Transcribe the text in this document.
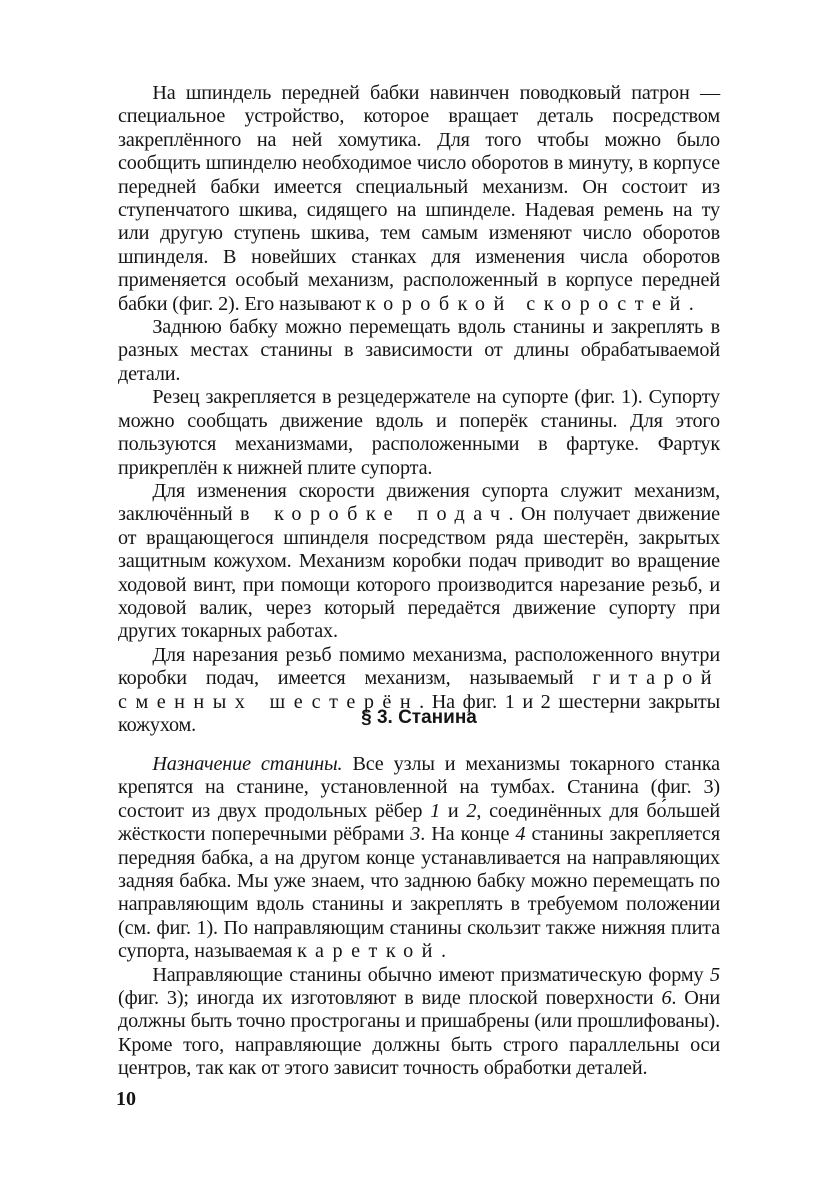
На шпиндель передней бабки навинчен поводковый патрон — специальное устройство, которое вращает деталь посредством закреплённого на ней хомутика. Для того чтобы можно было сообщить шпинделю необходимое число оборотов в минуту, в корпусе передней бабки имеется специальный механизм. Он состоит из ступенчатого шкива, сидящего на шпинделе. Надевая ремень на ту или другую ступень шкива, тем самым изменяют число оборотов шпинделя. В новейших станках для изменения числа оборотов применяется особый механизм, расположенный в корпусе передней бабки (фиг. 2). Его называют коробкой скоростей.

Заднюю бабку можно перемещать вдоль станины и закреплять в разных местах станины в зависимости от длины обрабатываемой детали.

Резец закрепляется в резцедержателе на супорте (фиг. 1). Супорту можно сообщать движение вдоль и поперёк станины. Для этого пользуются механизмами, расположенными в фартуке. Фартук прикреплён к нижней плите супорта.

Для изменения скорости движения супорта служит механизм, заключённый в коробке подач. Он получает движение от вращающегося шпинделя посредством ряда шестерён, закрытых защитным кожухом. Механизм коробки подач приводит во вращение ходовой винт, при помощи которого производится нарезание резьб, и ходовой валик, через который передаётся движение супорту при других токарных работах.

Для нарезания резьб помимо механизма, расположенного внутри коробки подач, имеется механизм, называемый гитарой сменных шестерён. На фиг. 1 и 2 шестерни закрыты кожухом.	§ 3. Станина

Назначение станины. Все узлы и механизмы токарного станка крепятся на станине, установленной на тумбах. Станина (фиг. 3) состоит из двух продольных рёбер 1 и 2, соединённых для бо́льшей жёсткости поперечными рёбрами 3. На конце 4 станины закрепляется передняя бабка, а на другом конце устанавливается на направляющих задняя бабка. Мы уже знаем, что заднюю бабку можно перемещать по направляющим вдоль станины и закреплять в требуемом положении (см. фиг. 1). По направляющим станины скользит также нижняя плита супорта, называемая кареткой.

Направляющие станины обычно имеют призматическую форму 5 (фиг. 3); иногда их изготовляют в виде плоской поверхности 6. Они должны быть точно простроганы и пришабрены (или прошлифованы). Кроме того, направляющие должны быть строго параллельны оси центров, так как от этого зависит точность обработки деталей.

10
